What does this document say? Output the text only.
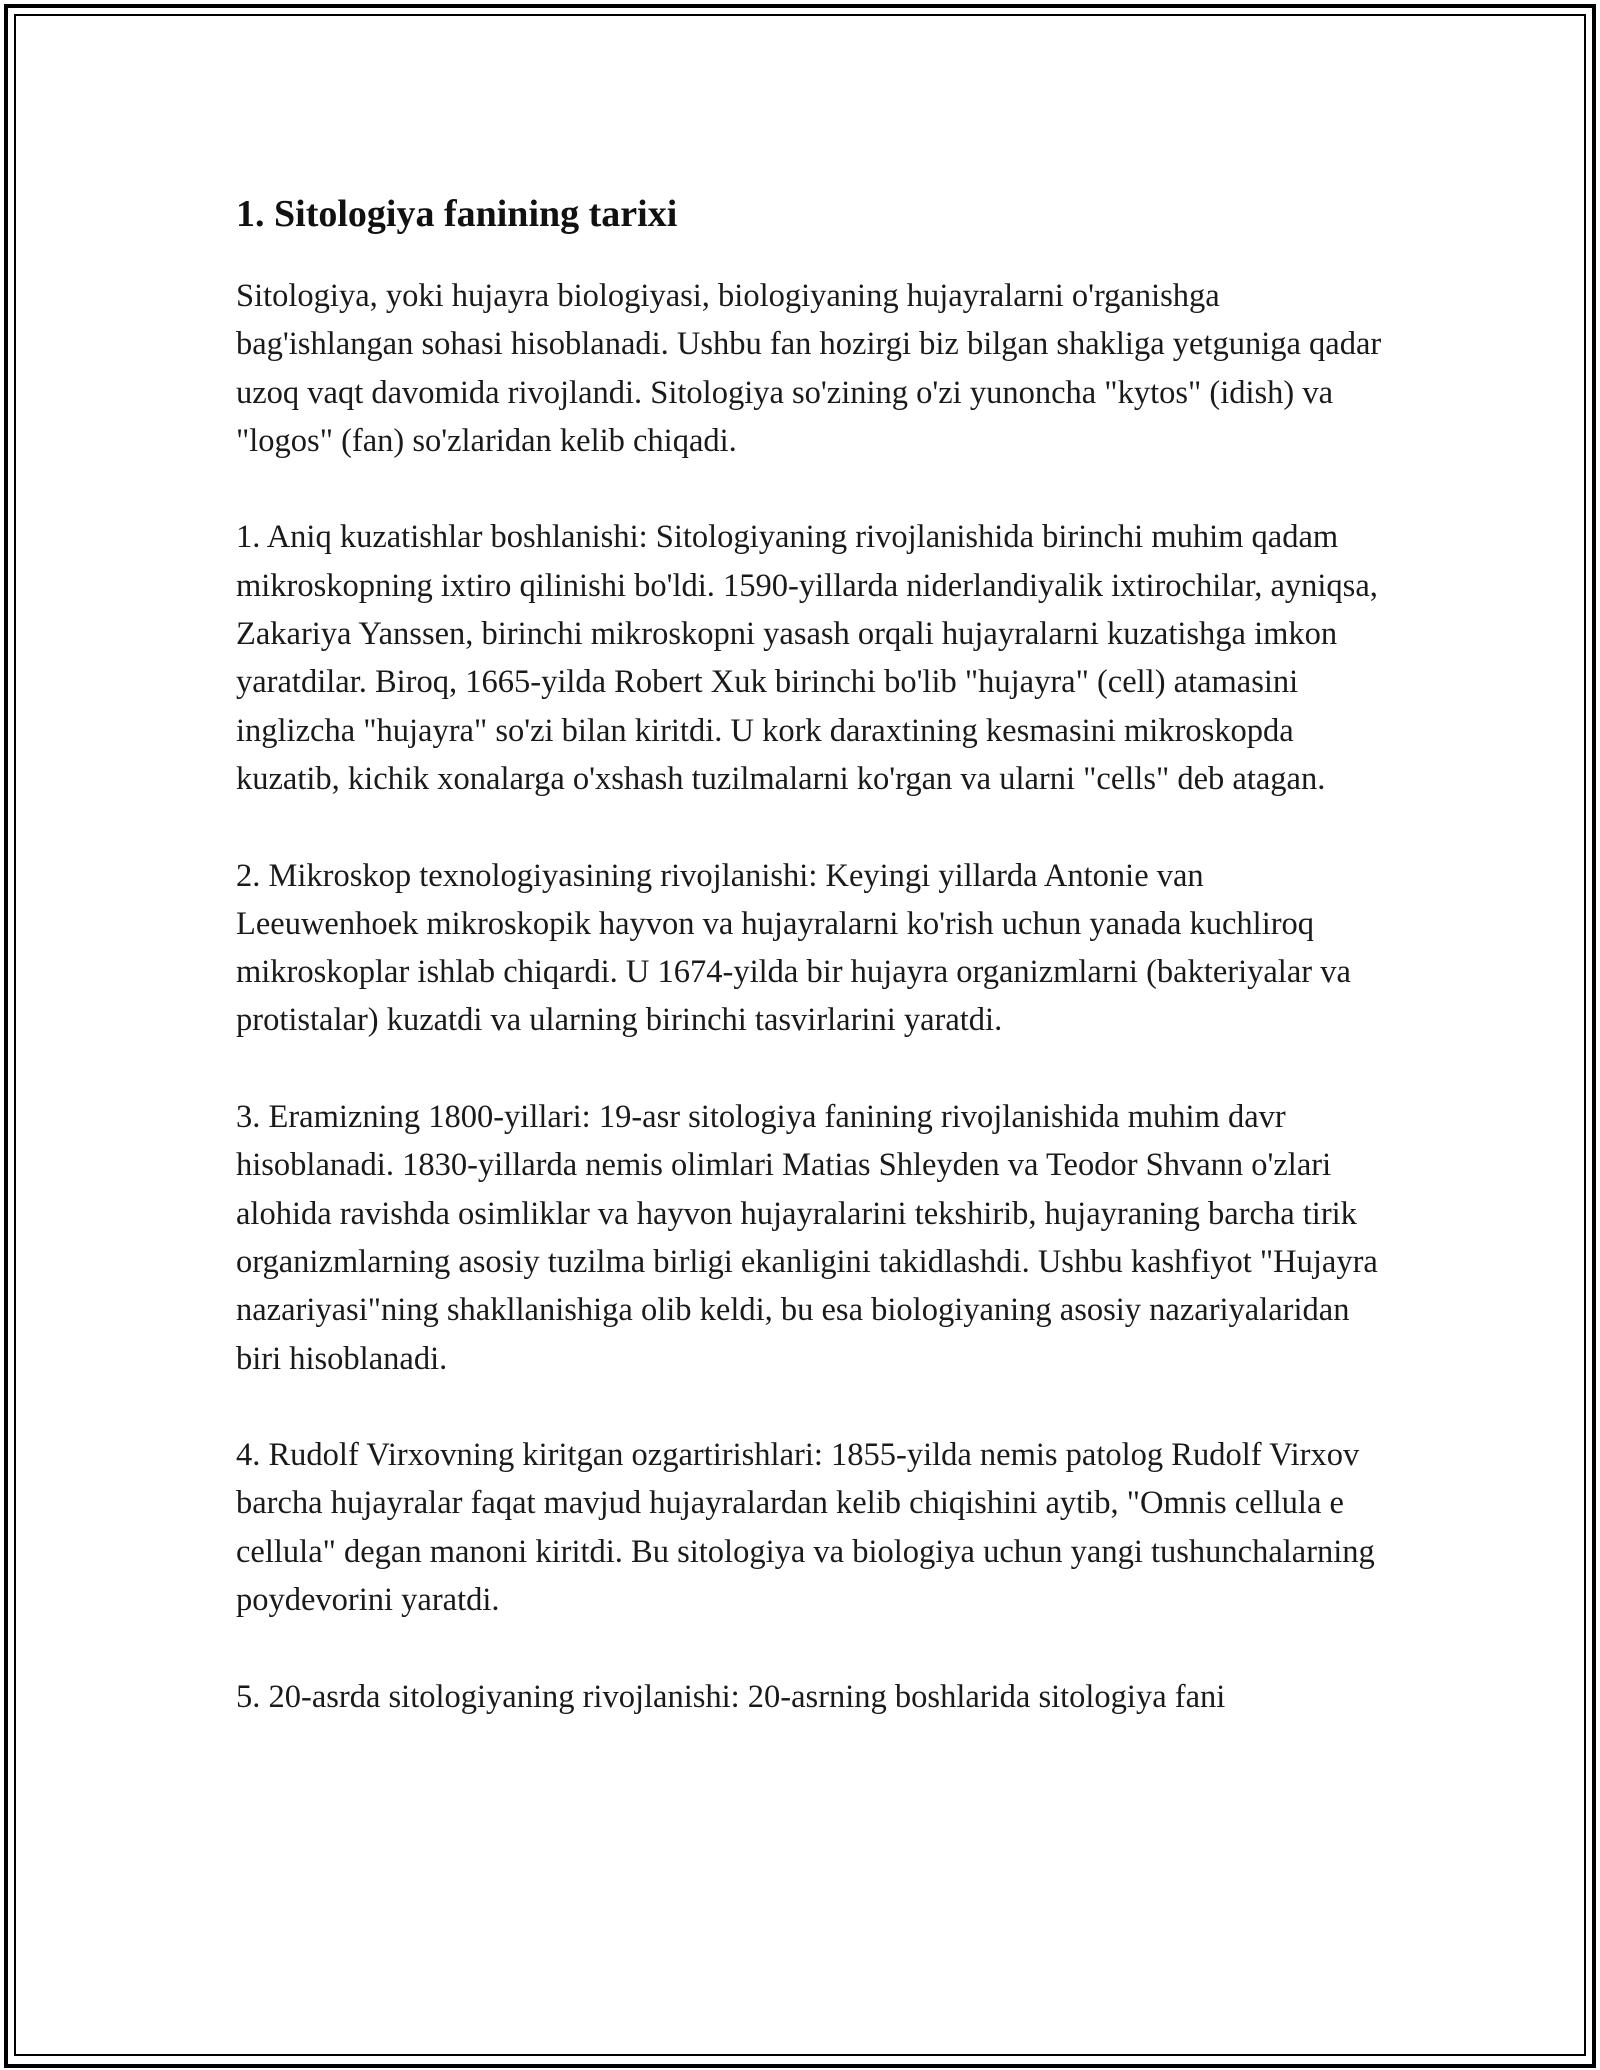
1. Sitologiya fanining tarixi

Sitologiya, yoki hujayra biologiyasi, biologiyaning hujayralarni o'rganishga bag'ishlangan sohasi hisoblanadi. Ushbu fan hozirgi biz bilgan shakliga yetguniga qadar uzoq vaqt davomida rivojlandi. Sitologiya so'zining o'zi yunoncha "kytos" (idish) va "logos" (fan) so'zlaridan kelib chiqadi.

1. Aniq kuzatishlar boshlanishi: Sitologiyaning rivojlanishida birinchi muhim qadam mikroskopning ixtiro qilinishi bo'ldi. 1590-yillarda niderlandiyalik ixtirochilar, ayniqsa, Zakariya Yanssen, birinchi mikroskopni yasash orqali hujayralarni kuzatishga imkon yaratdilar. Biroq, 1665-yilda Robert Xuk birinchi bo'lib "hujayra" (cell) atamasini inglizcha "hujayra" so'zi bilan kiritdi. U kork daraxtining kesmasini mikroskopda kuzatib, kichik xonalarga o'xshash tuzilmalarni ko'rgan va ularni "cells" deb atagan.

2. Mikroskop texnologiyasining rivojlanishi: Keyingi yillarda Antonie van Leeuwenhoek mikroskopik hayvon va hujayralarni ko'rish uchun yanada kuchliroq mikroskoplar ishlab chiqardi. U 1674-yilda bir hujayra organizmlarni (bakteriyalar va protistalar) kuzatdi va ularning birinchi tasvirlarini yaratdi.

3. Eramizning 1800-yillari: 19-asr sitologiya fanining rivojlanishida muhim davr hisoblanadi. 1830-yillarda nemis olimlari Matias Shleyden va Teodor Shvann o'zlari alohida ravishda osimliklar va hayvon hujayralarini tekshirib, hujayraning barcha tirik organizmlarning asosiy tuzilma birligi ekanligini takidlashdi. Ushbu kashfiyot "Hujayra nazariyasi"ning shakllanishiga olib keldi, bu esa biologiyaning asosiy nazariyalaridan biri hisoblanadi.

4. Rudolf Virxovning kiritgan ozgartirishlari: 1855-yilda nemis patolog Rudolf Virxov barcha hujayralar faqat mavjud hujayralardan kelib chiqishini aytib, "Omnis cellula e cellula" degan manoni kiritdi. Bu sitologiya va biologiya uchun yangi tushunchalarning poydevorini yaratdi.

5. 20-asrda sitologiyaning rivojlanishi: 20-asrning boshlarida sitologiya fani
